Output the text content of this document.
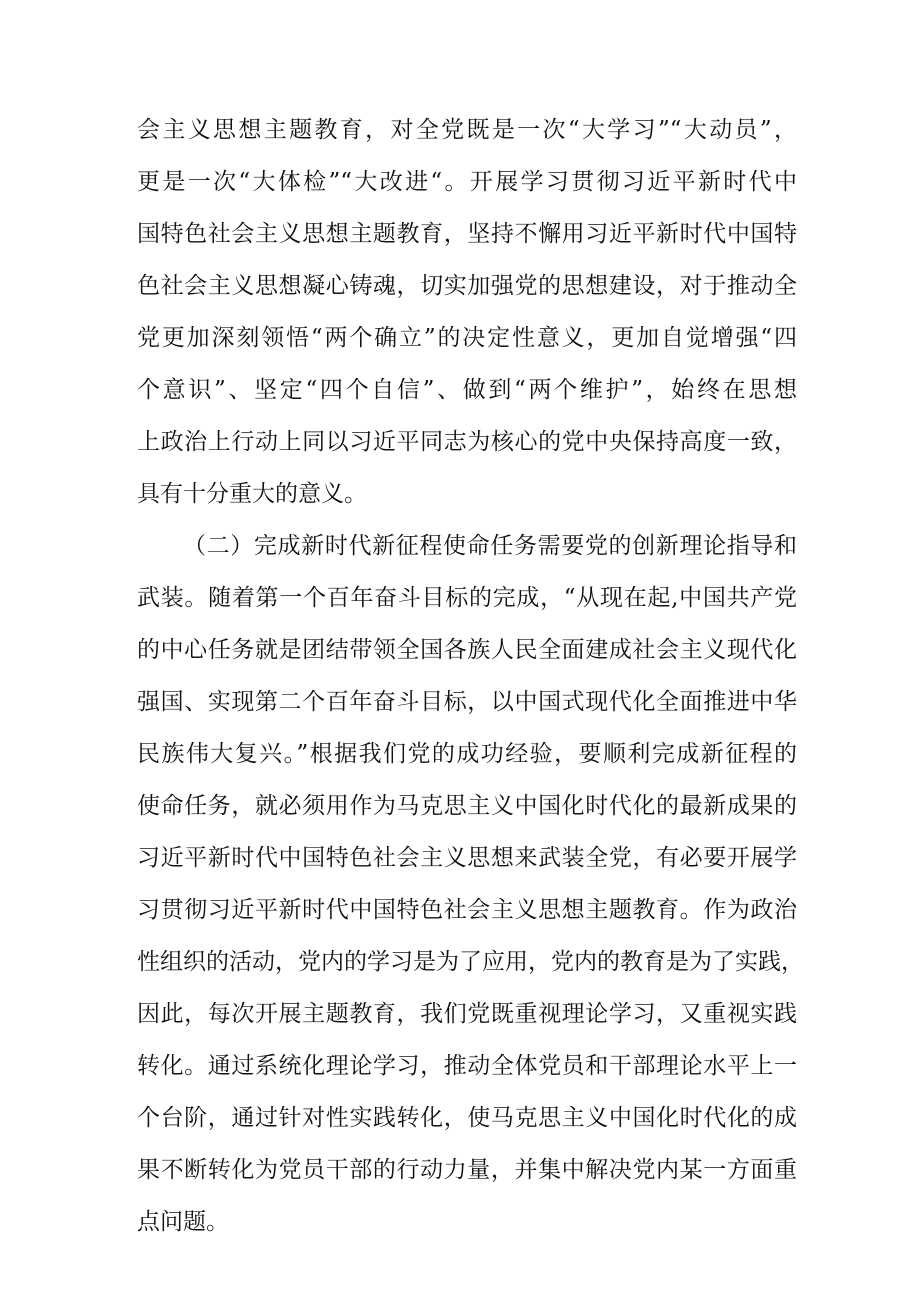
会主义思想主题教育，对全党既是一次“大学习”“大动员”，
更是一次“大体检”“大改进“。开展学习贯彻习近平新时代中
国特色社会主义思想主题教育，坚持不懈用习近平新时代中国特
色社会主义思想凝心铸魂，切实加强党的思想建设，对于推动全
党更加深刻领悟“两个确立”的决定性意义，更加自觉增强“四
个意识”、坚定“四个自信”、做到“两个维护”，始终在思想
上政治上行动上同以习近平同志为核心的党中央保持高度一致，
具有十分重大的意义。
（二）完成新时代新征程使命任务需要党的创新理论指导和
武装。随着第一个百年奋斗目标的完成，“从现在起,中国共产党
的中心任务就是团结带领全国各族人民全面建成社会主义现代化
强国、实现第二个百年奋斗目标，以中国式现代化全面推进中华
民族伟大复兴。”根据我们党的成功经验，要顺利完成新征程的
使命任务，就必须用作为马克思主义中国化时代化的最新成果的
习近平新时代中国特色社会主义思想来武装全党，有必要开展学
习贯彻习近平新时代中国特色社会主义思想主题教育。作为政治
性组织的活动，党内的学习是为了应用，党内的教育是为了实践，
因此，每次开展主题教育，我们党既重视理论学习，又重视实践
转化。通过系统化理论学习，推动全体党员和干部理论水平上一
个台阶，通过针对性实践转化，使马克思主义中国化时代化的成
果不断转化为党员干部的行动力量，并集中解决党内某一方面重
点问题。
